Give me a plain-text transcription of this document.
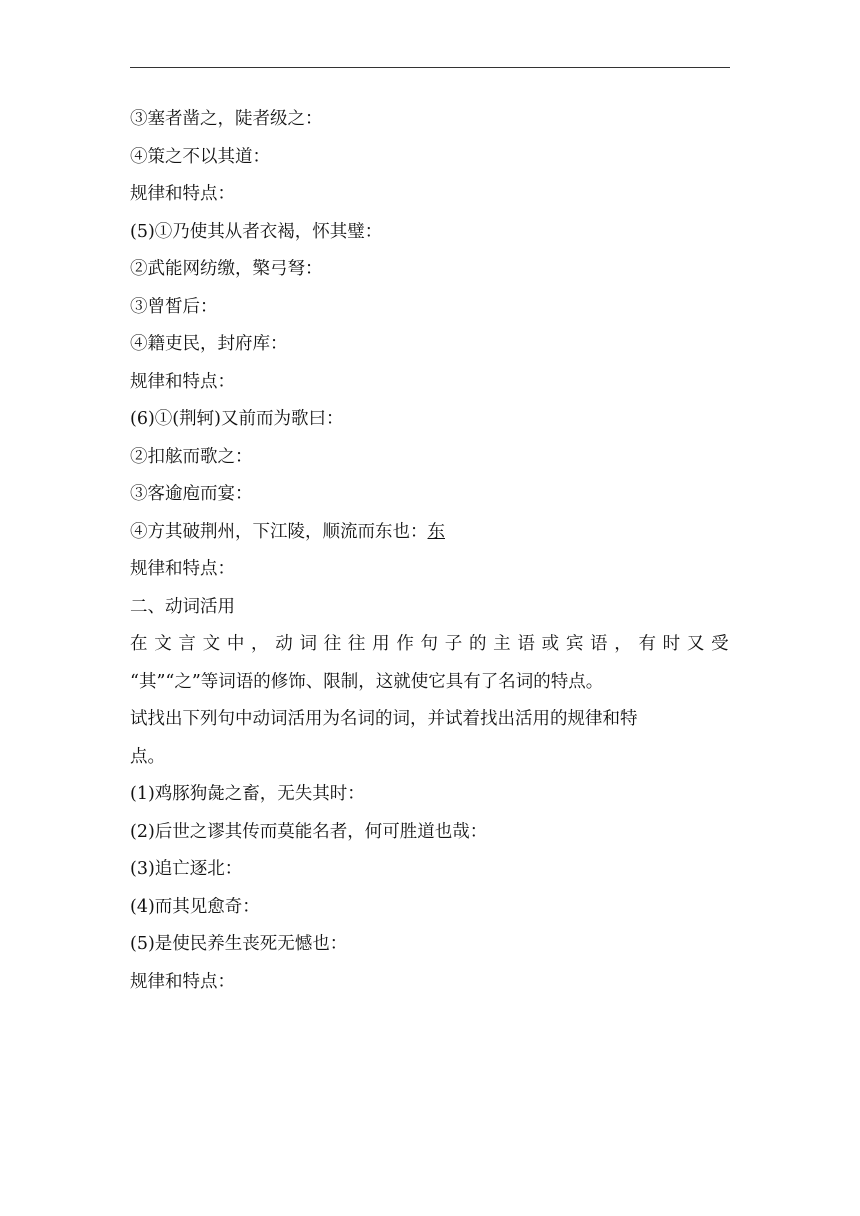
③塞者凿之，陡者级之：
④策之不以其道：
规律和特点：
(5)①乃使其从者衣褐，怀其璧：
②武能网纺缴，檠弓弩：
③曾皙后：
④籍吏民，封府库：
规律和特点：
(6)①(荆轲)又前而为歌曰：
②扣舷而歌之：
③客逾庖而宴：
④方其破荆州，下江陵，顺流而东也：东
规律和特点：
二、动词活用
在文言文中，动词往往用作句子的主语或宾语，有时又受
“其”“之”等词语的修饰、限制，这就使它具有了名词的特点。
试找出下列句中动词活用为名词的词，并试着找出活用的规律和特
点。
(1)鸡豚狗彘之畜，无失其时：
(2)后世之谬其传而莫能名者，何可胜道也哉：
(3)追亡逐北：
(4)而其见愈奇：
(5)是使民养生丧死无憾也：
规律和特点：
